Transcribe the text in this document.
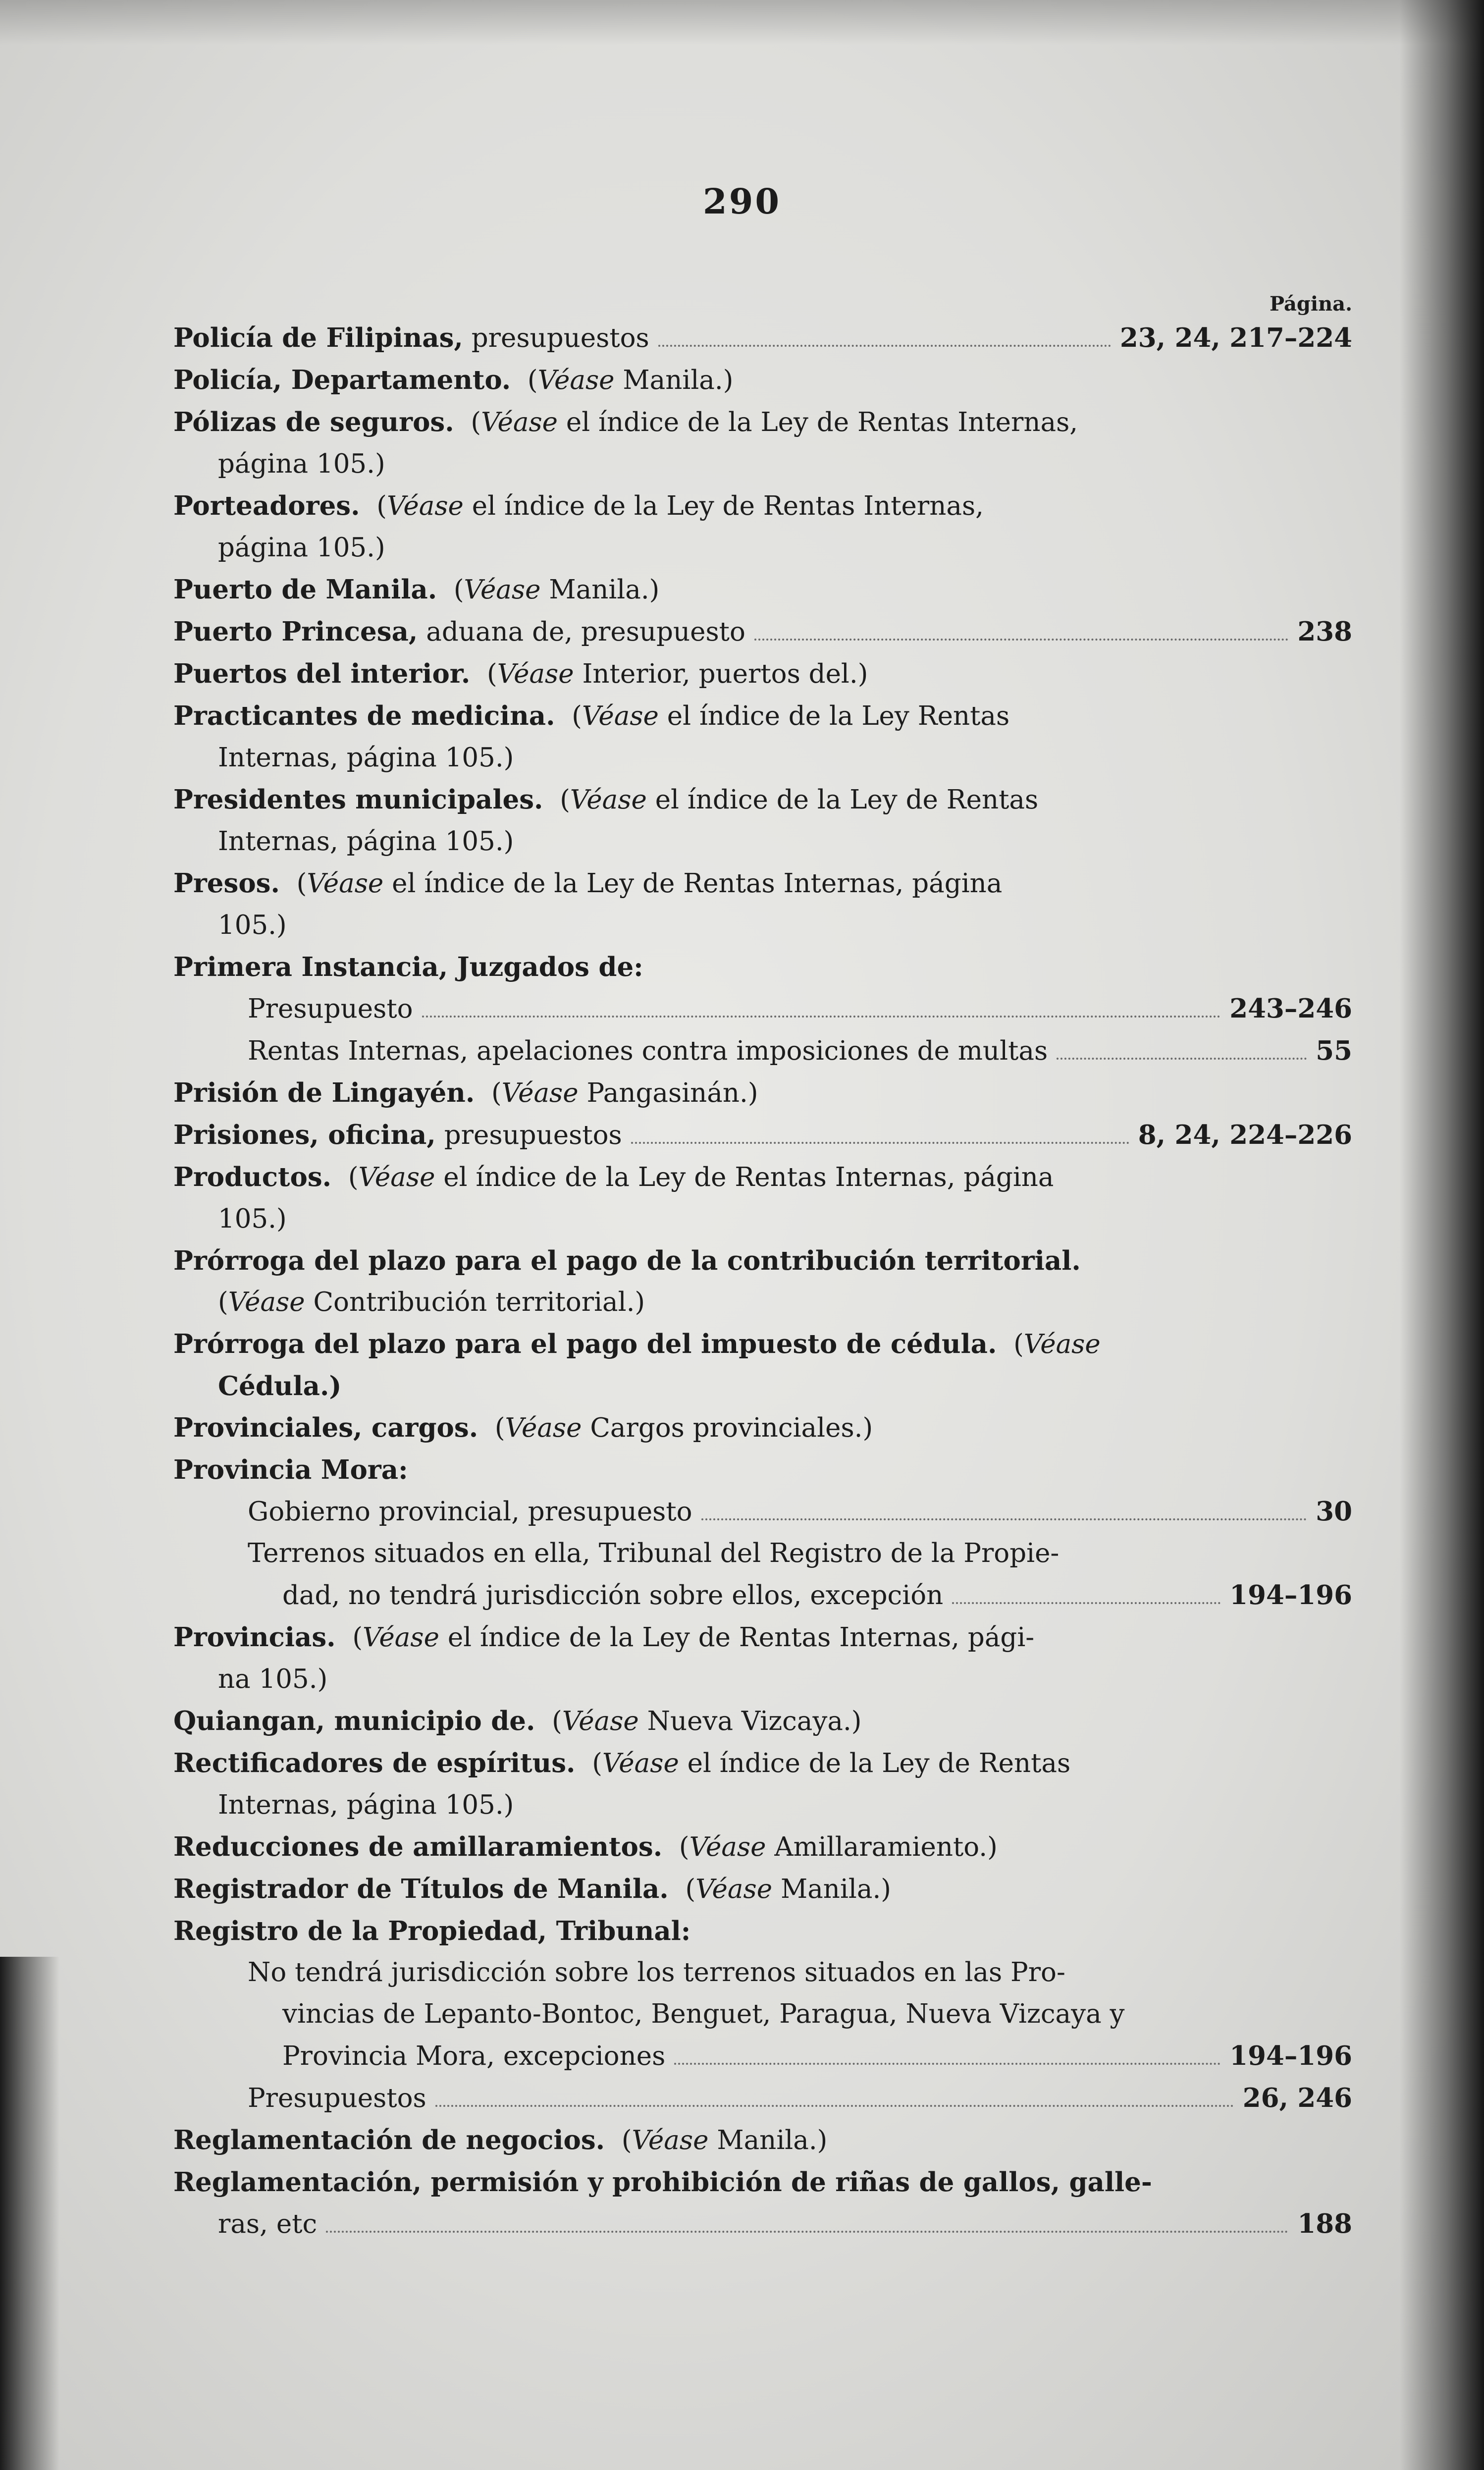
290
Página.
Policía de Filipinas,
presupuestos	23, 24, 217–224
Policía, Departamento.  (Véase Manila.)
Pólizas de seguros.  (Véase el índice de la Ley de Rentas Internas,
página 105.)
Porteadores.  (Véase el índice de la Ley de Rentas Internas,
página 105.)
Puerto de Manila.  (Véase Manila.)
Puerto Princesa,
aduana de, presupuesto	238
Puertos del interior.  (Véase Interior, puertos del.)
Practicantes de medicina.  (Véase el índice de la Ley Rentas
Internas, página 105.)
Presidentes municipales.  (Véase el índice de la Ley de Rentas
Internas, página 105.)
Presos.  (Véase el índice de la Ley de Rentas Internas, página
105.)
Primera Instancia, Juzgados de:
Presupuesto	243–246
Rentas Internas, apelaciones contra imposiciones de multas	55
Prisión de Lingayén.  (Véase Pangasinán.)
Prisiones, oficina,
presupuestos	8, 24, 224–226
Productos.  (Véase el índice de la Ley de Rentas Internas, página
105.)
Prórroga del plazo para el pago de la contribución territorial.
(Véase Contribución territorial.)
Prórroga del plazo para el pago del impuesto de cédula.  (Véase
Cédula.)
Provinciales, cargos.  (Véase Cargos provinciales.)
Provincia Mora:
Gobierno provincial, presupuesto	30
Terrenos situados en ella, Tribunal del Registro de la Propie-
dad, no tendrá jurisdicción sobre ellos, excepción	194–196
Provincias.  (Véase el índice de la Ley de Rentas Internas, pági-
na 105.)
Quiangan, municipio de.  (Véase Nueva Vizcaya.)
Rectificadores de espíritus.  (Véase el índice de la Ley de Rentas
Internas, página 105.)
Reducciones de amillaramientos.  (Véase Amillaramiento.)
Registrador de Títulos de Manila.  (Véase Manila.)
Registro de la Propiedad, Tribunal:
No tendrá jurisdicción sobre los terrenos situados en las Pro-
vincias de Lepanto-Bontoc, Benguet, Paragua, Nueva Vizcaya y
Provincia Mora, excepciones	194–196
Presupuestos	26, 246
Reglamentación de negocios.  (Véase Manila.)
Reglamentación, permisión y prohibición de riñas de gallos, galle-
ras, etc	188
